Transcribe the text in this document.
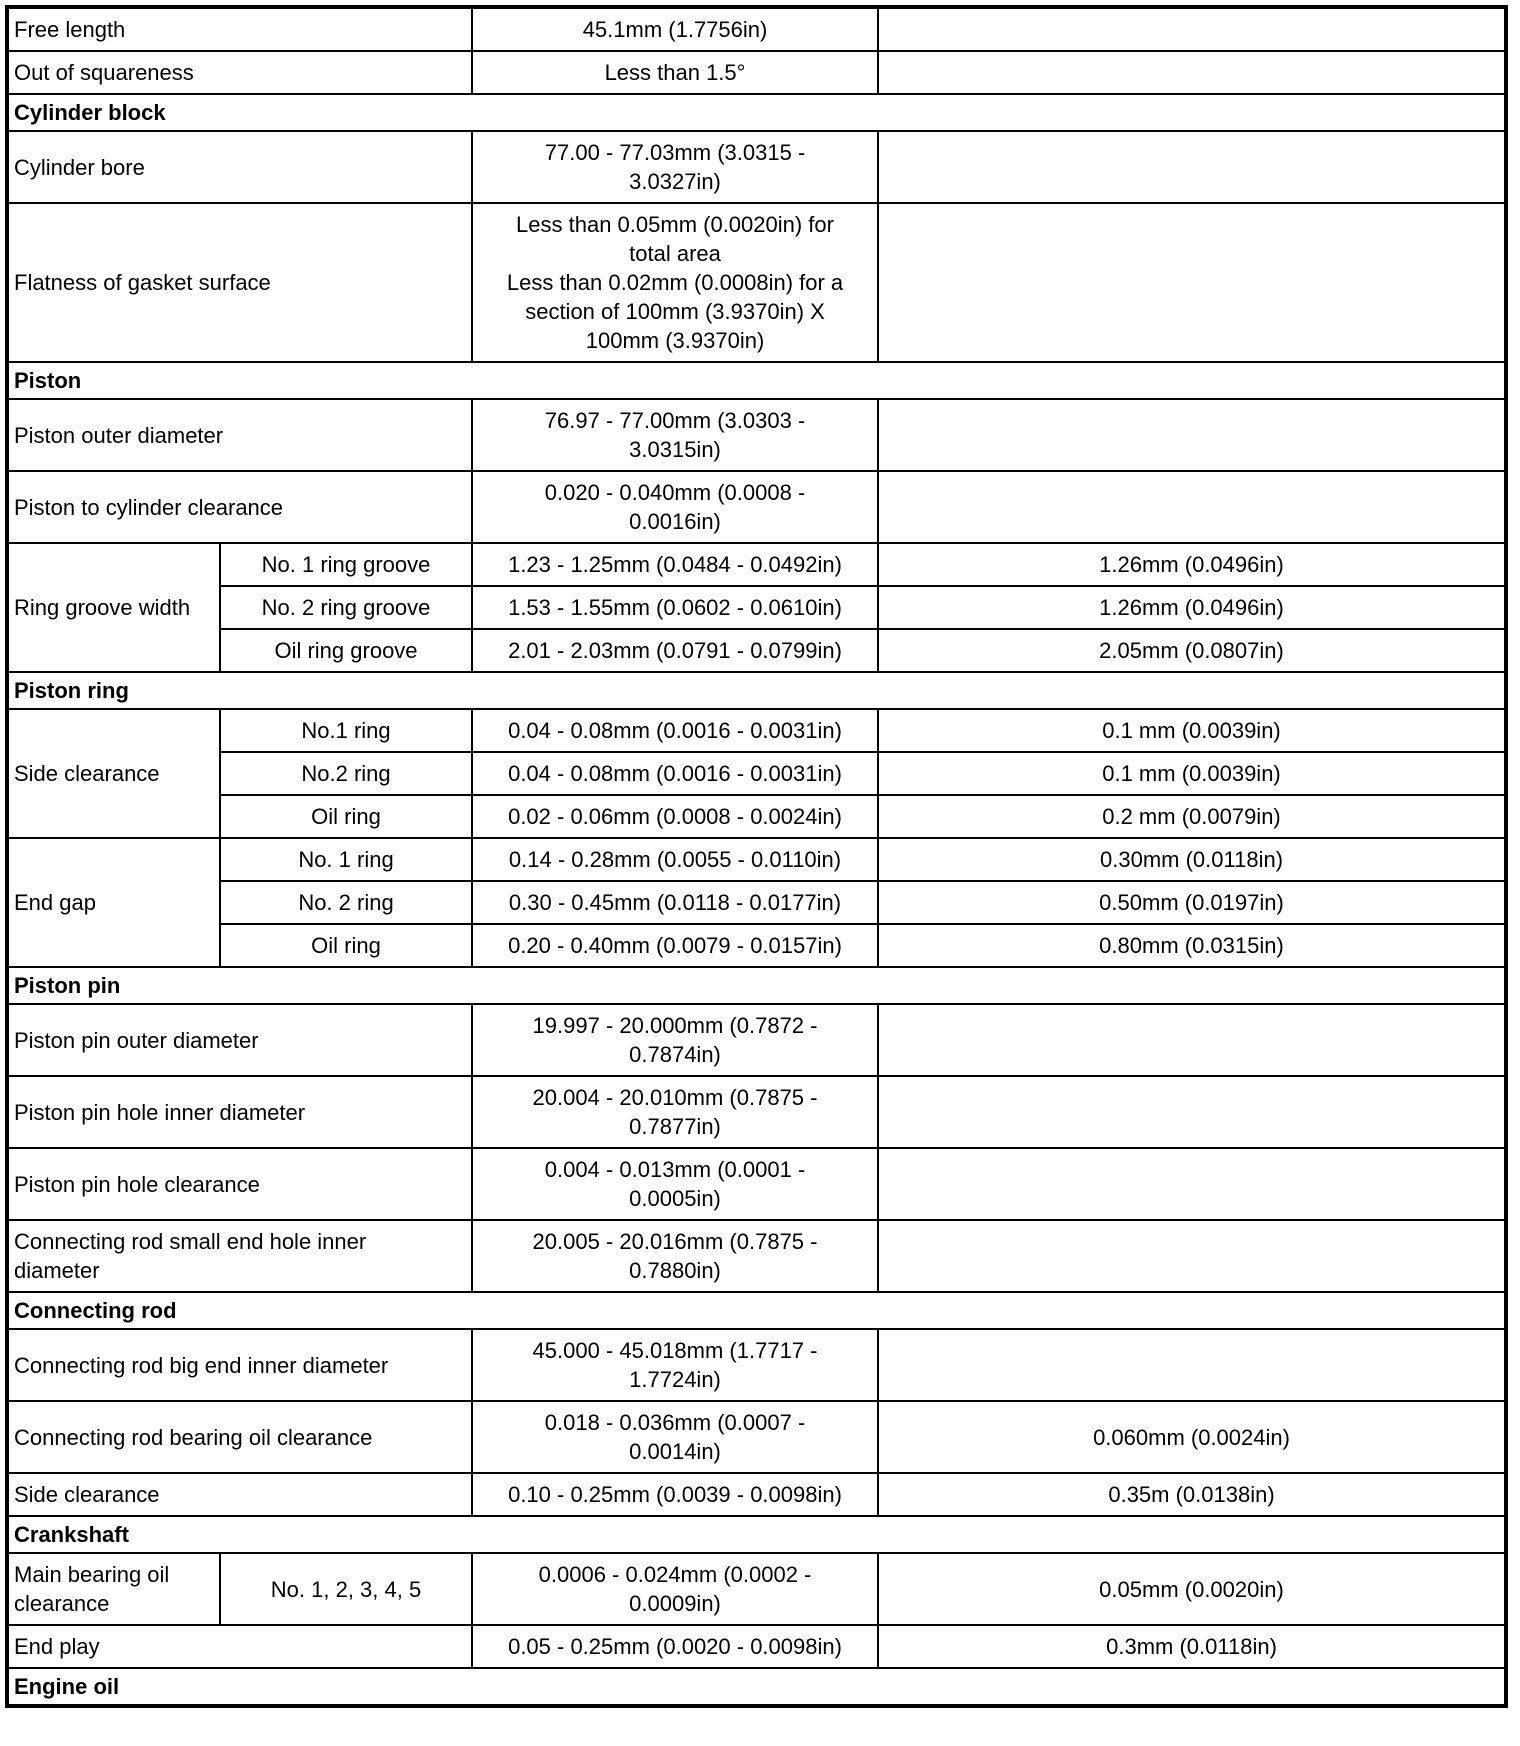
Free length		45.1mm (1.7756in)	
Out of squareness		Less than 1.5°	
Cylinder block			
Cylinder bore		77.00 - 77.03mm (3.0315 -
3.0327in)	
Flatness of gasket surface		Less than 0.05mm (0.0020in) for
total area
Less than 0.02mm (0.0008in) for a
section of 100mm (3.9370in) X
100mm (3.9370in)	
Piston			
Piston outer diameter		76.97 - 77.00mm (3.0303 -
3.0315in)	
Piston to cylinder clearance		0.020 - 0.040mm (0.0008 -
0.0016in)	
Ring groove width	No. 1 ring groove	1.23 - 1.25mm (0.0484 - 0.0492in)	1.26mm (0.0496in)
	No. 2 ring groove	1.53 - 1.55mm (0.0602 - 0.0610in)	1.26mm (0.0496in)
	Oil ring groove	2.01 - 2.03mm (0.0791 - 0.0799in)	2.05mm (0.0807in)
Piston ring			
Side clearance	No.1 ring	0.04 - 0.08mm (0.0016 - 0.0031in)	0.1 mm (0.0039in)
	No.2 ring	0.04 - 0.08mm (0.0016 - 0.0031in)	0.1 mm (0.0039in)
	Oil ring	0.02 - 0.06mm (0.0008 - 0.0024in)	0.2 mm (0.0079in)
End gap	No. 1 ring	0.14 - 0.28mm (0.0055 - 0.0110in)	0.30mm (0.0118in)
	No. 2 ring	0.30 - 0.45mm (0.0118 - 0.0177in)	0.50mm (0.0197in)
	Oil ring	0.20 - 0.40mm (0.0079 - 0.0157in)	0.80mm (0.0315in)
Piston pin			
Piston pin outer diameter		19.997 - 20.000mm (0.7872 -
0.7874in)	
Piston pin hole inner diameter		20.004 - 20.010mm (0.7875 -
0.7877in)	
Piston pin hole clearance		0.004 - 0.013mm (0.0001 -
0.0005in)	
Connecting rod small end hole inner
diameter		20.005 - 20.016mm (0.7875 -
0.7880in)	
Connecting rod			
Connecting rod big end inner diameter		45.000 - 45.018mm (1.7717 -
1.7724in)	
Connecting rod bearing oil clearance		0.018 - 0.036mm (0.0007 -
0.0014in)	0.060mm (0.0024in)
Side clearance		0.10 - 0.25mm (0.0039 - 0.0098in)	0.35m (0.0138in)
Crankshaft			
Main bearing oil
clearance	No. 1, 2, 3, 4, 5	0.0006 - 0.024mm (0.0002 -
0.0009in)	0.05mm (0.0020in)
End play		0.05 - 0.25mm (0.0020 - 0.0098in)	0.3mm (0.0118in)
Engine oil			
